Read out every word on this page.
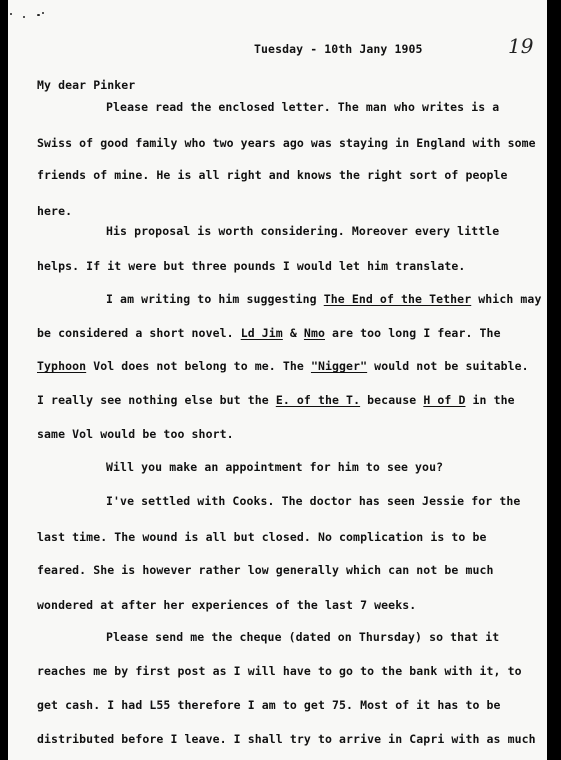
Tuesday - 10th Jany 1905	19
My dear Pinker
Please read the enclosed letter. The man who writes is a
Swiss of good family who two years ago was staying in England with some
friends of mine. He is all right and knows the right sort of people
here.
His proposal is worth considering. Moreover every little
helps. If it were but three pounds I would let him translate.
I am writing to him suggesting The End of the Tether which may
be considered a short novel. Ld Jim & Nmo are too long I fear. The
Typhoon Vol does not belong to me. The "Nigger" would not be suitable.
I really see nothing else but the E. of the T. because H of D in the
same Vol would be too short.
Will you make an appointment for him to see you?
I've settled with Cooks. The doctor has seen Jessie for the
last time. The wound is all but closed. No complication is to be
feared. She is however rather low generally which can not be much
wondered at after her experiences of the last 7 weeks.
Please send me the cheque (dated on Thursday) so that it
reaches me by first post as I will have to go to the bank with it, to
get cash. I had L55 therefore I am to get 75. Most of it has to be
distributed before I leave. I shall try to arrive in Capri with as much
